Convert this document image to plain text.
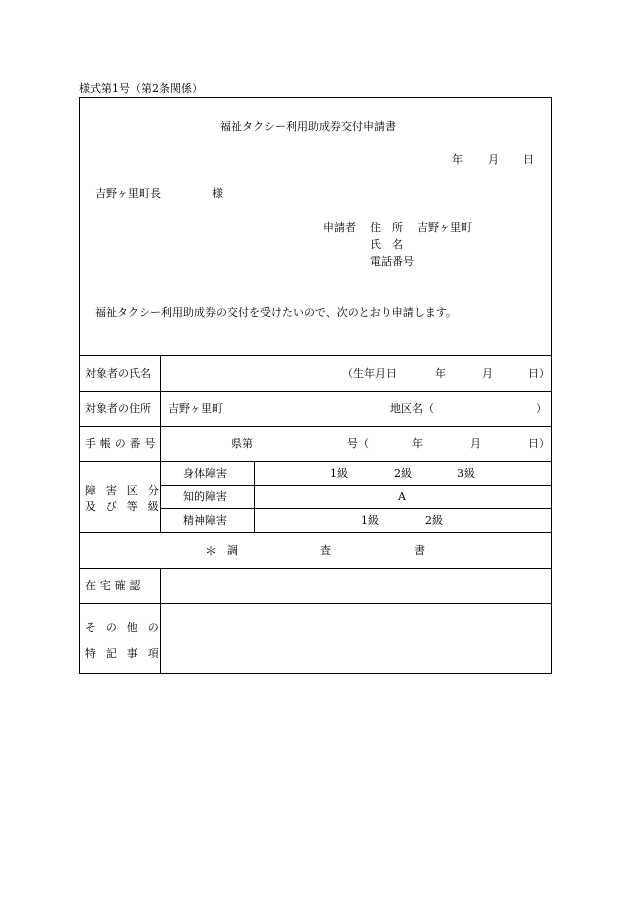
様式第1号（第2条関係）
福祉タクシー利用助成券交付申請書
年 月 日
吉野ヶ里町長	様
申請者 住　所 吉野ヶ里町
氏　名
電話番号
福祉タクシー利用助成券の交付を受けたいので、次のとおり申請します。
対象者の氏名	（生年月日	年	月	日）
対象者の住所 吉野ヶ里町	地区名（	）
手帳の番号	県第	号（	年	月	日）
障害区分
及び等級
身体障害	1級	2級	3級
知的障害	A
精神障害	1級	2級
＊ 調	査	書
在宅確認
その他の
特記事項
